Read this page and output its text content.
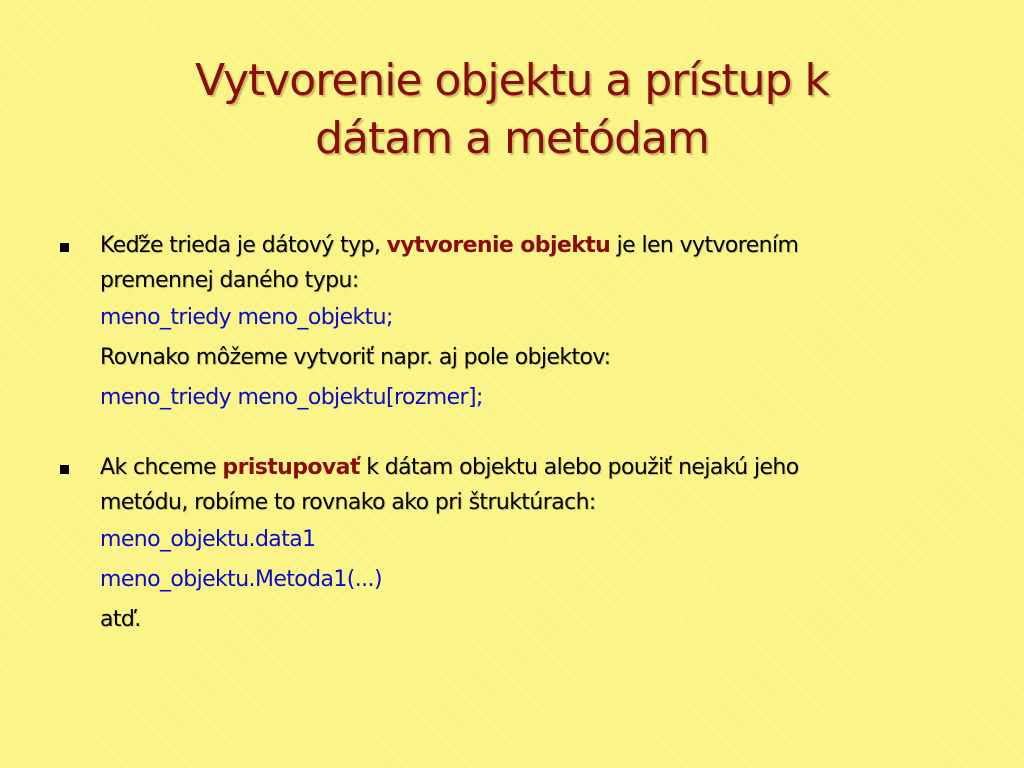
Vytvorenie objektu a prístup k
dátam a metódam
Keďže trieda je dátový typ, vytvorenie objektu je len vytvorením
premennej daného typu:
meno_triedy meno_objektu;
Rovnako môžeme vytvoriť napr. aj pole objektov:
meno_triedy meno_objektu[rozmer];
Ak chceme pristupovať k dátam objektu alebo použiť nejakú jeho
metódu, robíme to rovnako ako pri štruktúrach:
meno_objektu.data1
meno_objektu.Metoda1(...)
atď.
